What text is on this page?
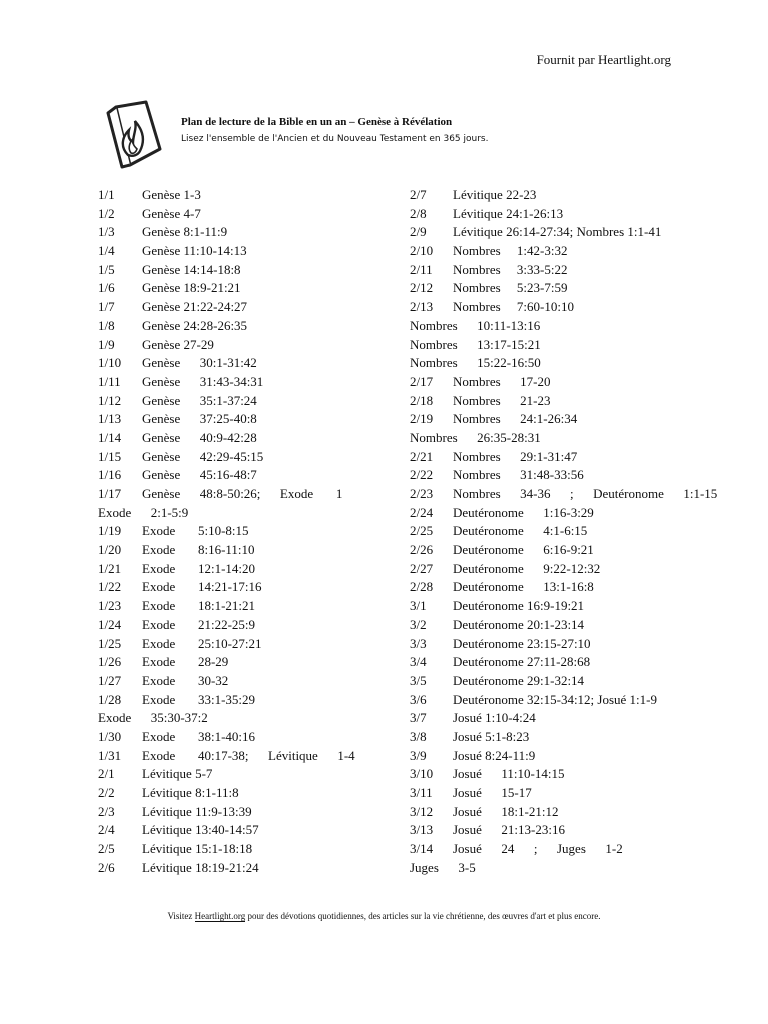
Fournit par Heartlight.org
Plan de lecture de la Bible en un an – Genèse à Révélation
Lisez l'ensemble de l'Ancien et du Nouveau Testament en 365 jours.
1/1 Genèse 1-3
1/2 Genèse 4-7
1/3 Genèse 8:1-11:9
1/4 Genèse 11:10-14:13
1/5 Genèse 14:14-18:8
1/6 Genèse 18:9-21:21
1/7 Genèse 21:22-24:27
1/8 Genèse 24:28-26:35
1/9 Genèse 27-29
1/10 Genèse      30:1-31:42
1/11 Genèse      31:43-34:31
1/12 Genèse      35:1-37:24
1/13 Genèse      37:25-40:8
1/14 Genèse      40:9-42:28
1/15 Genèse      42:29-45:15
1/16 Genèse      45:16-48:7
1/17 Genèse      48:8-50:26;      Exode       1
Exode      2:1-5:9
1/19 Exode       5:10-8:15
1/20 Exode       8:16-11:10
1/21 Exode       12:1-14:20
1/22 Exode       14:21-17:16
1/23 Exode       18:1-21:21
1/24 Exode       21:22-25:9
1/25 Exode       25:10-27:21
1/26 Exode       28-29
1/27 Exode       30-32
1/28 Exode       33:1-35:29
Exode      35:30-37:2
1/30 Exode       38:1-40:16
1/31 Exode       40:17-38;      Lévitique      1-4
2/1 Lévitique 5-7
2/2 Lévitique 8:1-11:8
2/3 Lévitique 11:9-13:39
2/4 Lévitique 13:40-14:57
2/5 Lévitique 15:1-18:18
2/6 Lévitique 18:19-21:24
2/7 Lévitique 22-23
2/8 Lévitique 24:1-26:13
2/9 Lévitique 26:14-27:34; Nombres 1:1-41
2/10 Nombres     1:42-3:32
2/11 Nombres     3:33-5:22
2/12 Nombres     5:23-7:59
2/13 Nombres     7:60-10:10
Nombres      10:11-13:16
Nombres      13:17-15:21
Nombres      15:22-16:50
2/17 Nombres      17-20
2/18 Nombres      21-23
2/19 Nombres      24:1-26:34
Nombres      26:35-28:31
2/21 Nombres      29:1-31:47
2/22 Nombres      31:48-33:56
2/23 Nombres      34-36      ;      Deutéronome      1:1-15
2/24 Deutéronome      1:16-3:29
2/25 Deutéronome      4:1-6:15
2/26 Deutéronome      6:16-9:21
2/27 Deutéronome      9:22-12:32
2/28 Deutéronome      13:1-16:8
3/1 Deutéronome 16:9-19:21
3/2 Deutéronome 20:1-23:14
3/3 Deutéronome 23:15-27:10
3/4 Deutéronome 27:11-28:68
3/5 Deutéronome 29:1-32:14
3/6 Deutéronome 32:15-34:12; Josué 1:1-9
3/7 Josué 1:10-4:24
3/8 Josué 5:1-8:23
3/9 Josué 8:24-11:9
3/10 Josué      11:10-14:15
3/11 Josué      15-17
3/12 Josué      18:1-21:12
3/13 Josué      21:13-23:16
3/14 Josué      24      ;      Juges      1-2
Juges      3-5
Visitez Heartlight.org pour des dévotions quotidiennes, des articles sur la vie chrétienne, des œuvres d'art et plus encore.
